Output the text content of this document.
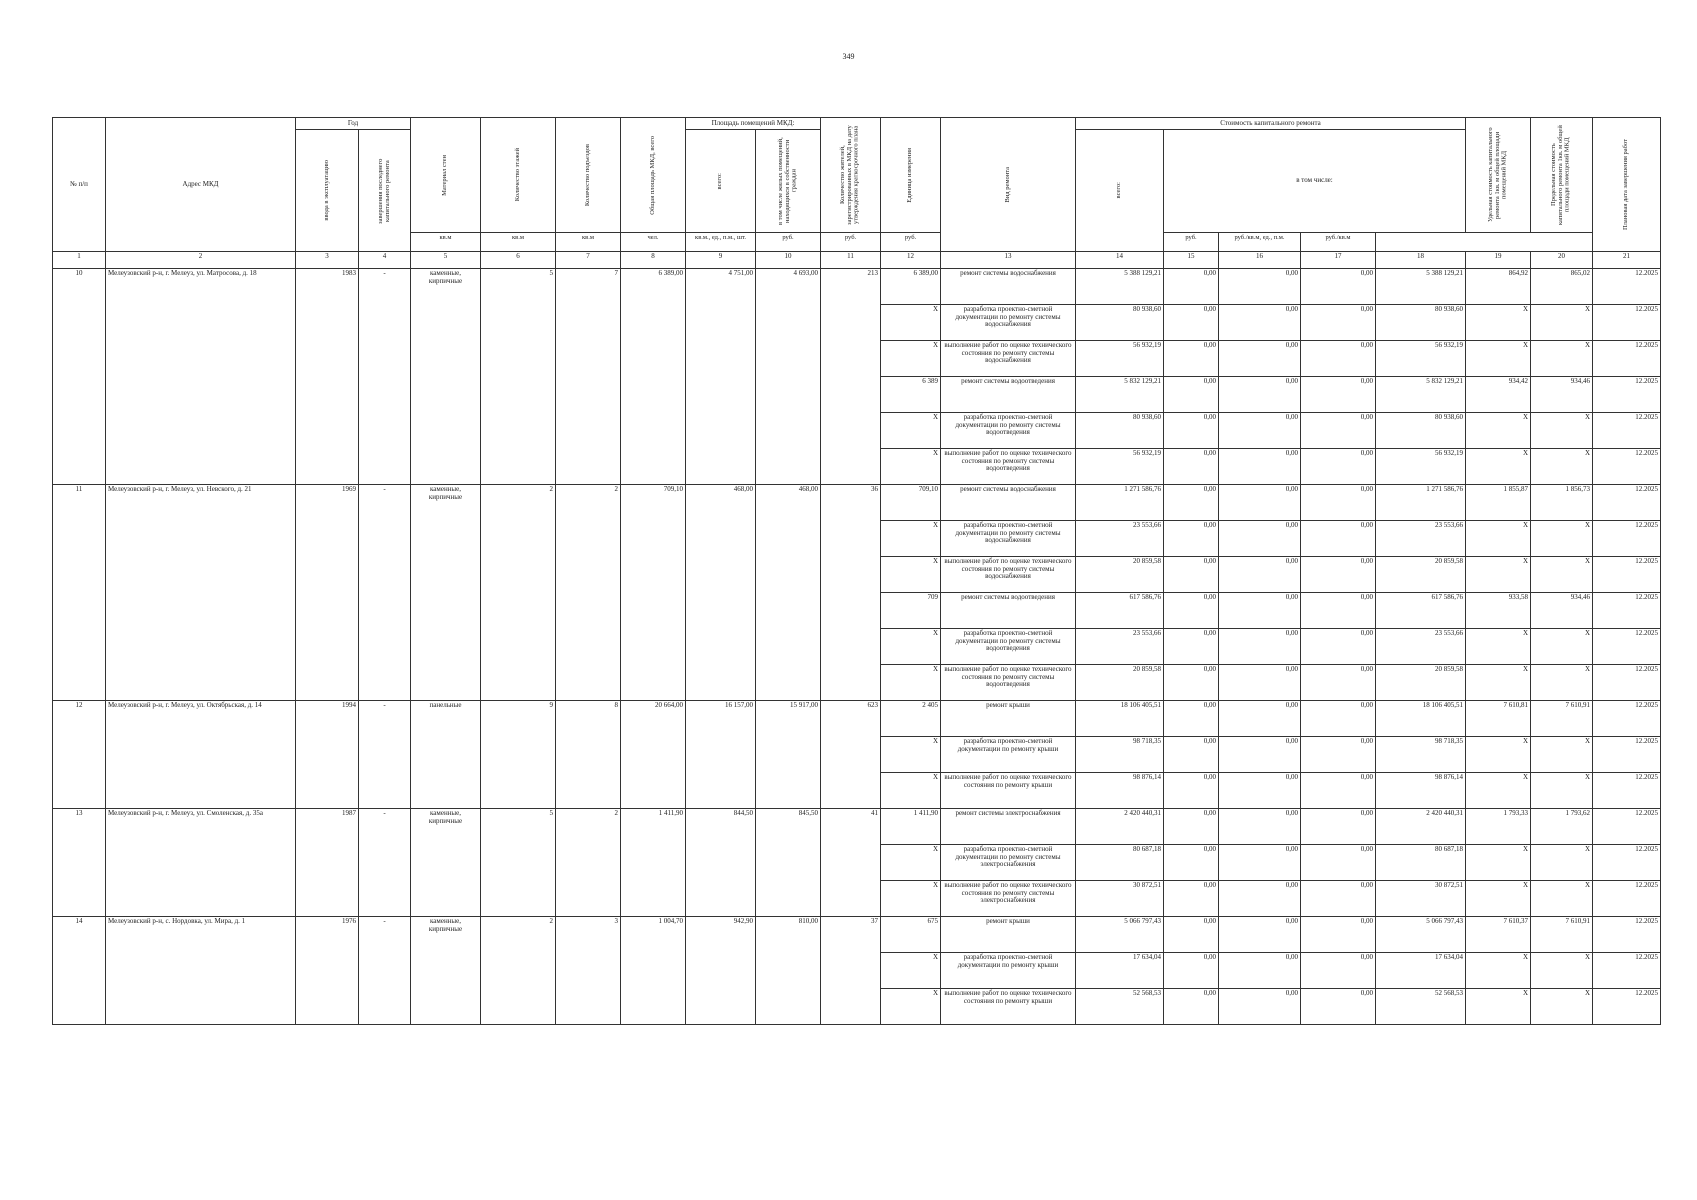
349
№ п/п	Адрес МКД	Год		Материал стен	Количество этажей	Количество подъездов	Общая площадь МКД, всего	Площадь помещений МКД:		Количество жителей, зарегистрированных в МКД на дату утверждения краткосрочного плана	Единица измерения	Вид ремонта	Стоимость капитального ремонта					Удельная стоимость капитального ремонта 1кв. м общей площади помещений МКД	Предельная стоимость капитального ремонта 1кв. м общей площади помещений МКД	Плановая дата завершения работ

		ввода в эксплуатацию	завершения последнего капитального ремонта					всего:	в том числе жилых помещений, находящихся в собственности граждан				всего:	в том числе:						
				кв.м	кв.м	кв.м	чел.	кв.м., ед., п.м., шт.	руб.	руб.	руб.			руб.	руб./кв.м, ед., п.м.	руб./кв.м				
1	2	3	4	5	6	7	8	9	10	11	12	13	14	15	16	17	18	19	20	21
10	Мелеузовский р-н, г. Мелеуз, ул. Матросова, д. 18	1983	-	каменные, кирпичные	5	7	6 389,00	4 751,00	4 693,00	213	6 389,00	ремонт системы водоснабжения	5 388 129,21	0,00	0,00	0,00	5 388 129,21	864,92	865,02	12.2025
											Х	разработка проектно-сметной документации по ремонту системы водоснабжения	80 938,60	0,00	0,00	0,00	80 938,60	Х	Х	12.2025
											Х	выполнение работ по оценке технического состояния по ремонту системы водоснабжения	56 932,19	0,00	0,00	0,00	56 932,19	Х	Х	12.2025
											6 389	ремонт системы водоотведения	5 832 129,21	0,00	0,00	0,00	5 832 129,21	934,42	934,46	12.2025
											Х	разработка проектно-сметной документации по ремонту системы водоотведения	80 938,60	0,00	0,00	0,00	80 938,60	Х	Х	12.2025
											Х	выполнение работ по оценке технического состояния по ремонту системы водоотведения	56 932,19	0,00	0,00	0,00	56 932,19	Х	Х	12.2025
11	Мелеузовский р-н, г. Мелеуз, ул. Невского, д. 21	1969	-	каменные, кирпичные	2	2	709,10	468,00	468,00	36	709,10	ремонт системы водоснабжения	1 271 586,76	0,00	0,00	0,00	1 271 586,76	1 855,87	1 856,73	12.2025
											Х	разработка проектно-сметной документации по ремонту системы водоснабжения	23 553,66	0,00	0,00	0,00	23 553,66	Х	Х	12.2025
											Х	выполнение работ по оценке технического состояния по ремонту системы водоснабжения	20 859,58	0,00	0,00	0,00	20 859,58	Х	Х	12.2025
											709	ремонт системы водоотведения	617 586,76	0,00	0,00	0,00	617 586,76	933,58	934,46	12.2025
											Х	разработка проектно-сметной документации по ремонту системы водоотведения	23 553,66	0,00	0,00	0,00	23 553,66	Х	Х	12.2025
											Х	выполнение работ по оценке технического состояния по ремонту системы водоотведения	20 859,58	0,00	0,00	0,00	20 859,58	Х	Х	12.2025
12	Мелеузовский р-н, г. Мелеуз, ул. Октябрьская, д. 14	1994	-	панельные	9	8	20 664,00	16 157,00	15 917,00	623	2 405	ремонт крыши	18 106 405,51	0,00	0,00	0,00	18 106 405,51	7 610,81	7 610,91	12.2025
											Х	разработка проектно-сметной документации по ремонту крыши	98 718,35	0,00	0,00	0,00	98 718,35	Х	Х	12.2025
											Х	выполнение работ по оценке технического состояния по ремонту крыши	98 876,14	0,00	0,00	0,00	98 876,14	Х	Х	12.2025
13	Мелеузовский р-н, г. Мелеуз, ул. Смоленская, д. 35а	1987	-	каменные, кирпичные	5	2	1 411,90	844,50	845,50	41	1 411,90	ремонт системы электроснабжения	2 420 440,31	0,00	0,00	0,00	2 420 440,31	1 793,33	1 793,62	12.2025
											Х	разработка проектно-сметной документации по ремонту системы электроснабжения	80 687,18	0,00	0,00	0,00	80 687,18	Х	Х	12.2025
											Х	выполнение работ по оценке технического состояния по ремонту системы электроснабжения	30 872,51	0,00	0,00	0,00	30 872,51	Х	Х	12.2025
14	Мелеузовский р-н, с. Нордовка, ул. Мира, д. 1	1976	-	каменные, кирпичные	2	3	1 004,70	942,90	810,00	37	675	ремонт крыши	5 066 797,43	0,00	0,00	0,00	5 066 797,43	7 610,37	7 610,91	12.2025
											Х	разработка проектно-сметной документации по ремонту крыши	17 634,04	0,00	0,00	0,00	17 634,04	Х	Х	12.2025
											Х	выполнение работ по оценке технического состояния по ремонту крыши	52 568,53	0,00	0,00	0,00	52 568,53	Х	Х	12.2025
